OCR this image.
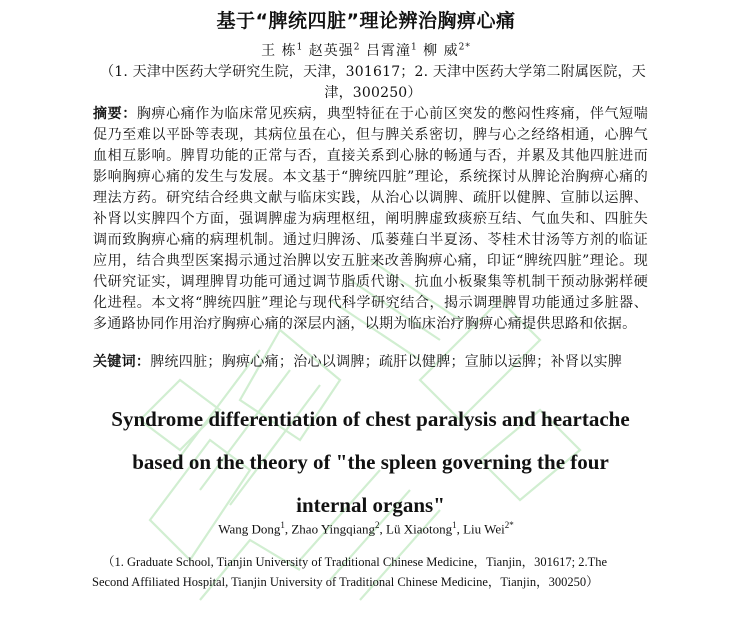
基于“脾统四脏”理论辨治胸痹心痛
王 栋$^1$ 赵英强$^2$ 吕霄潼$^1$ 柳 威$^{2*}$
（1. 天津中医药大学研究生院，天津，301617；2. 天津中医药大学第二附属医院，天津，300250）
摘要：胸痹心痛作为临床常见疾病，典型特征在于心前区突发的憋闷性疼痛，伴气短喘促乃至难以平卧等表现，其病位虽在心，但与脾关系密切，脾与心之经络相通，心脾气血相互影响。脾胃功能的正常与否，直接关系到心脉的畅通与否，并累及其他四脏进而影响胸痹心痛的发生与发展。本文基于“脾统四脏”理论，系统探讨从脾论治胸痹心痛的理法方药。研究结合经典文献与临床实践，从治心以调脾、疏肝以健脾、宣肺以运脾、补肾以实脾四个方面，强调脾虚为病理枢纽，阐明脾虚致痰瘀互结、气血失和、四脏失调而致胸痹心痛的病理机制。通过归脾汤、瓜蒌薤白半夏汤、苓桂术甘汤等方剂的临证应用，结合典型医案揭示通过治脾以安五脏来改善胸痹心痛，印证“脾统四脏”理论。现代研究证实，调理脾胃功能可通过调节脂质代谢、抗血小板聚集等机制干预动脉粥样硬化进程。本文将“脾统四脏”理论与现代科学研究结合，揭示调理脾胃功能通过多脏器、多通路协同作用治疗胸痹心痛的深层内涵，以期为临床治疗胸痹心痛提供思路和依据。
关键词：脾统四脏；胸痹心痛；治心以调脾；疏肝以健脾；宣肺以运脾；补肾以实脾
Syndrome differentiation of chest paralysis and heartache based on the theory of "the spleen governing the four internal organs"
Wang Dong$^1$, Zhao Yingqiang$^2$, Lü Xiaotong$^1$, Liu Wei$^{2*}$
（1. Graduate School, Tianjin University of Traditional Chinese Medicine，Tianjin，301617; 2.The
Second Affiliated Hospital, Tianjin University of Traditional Chinese Medicine，Tianjin，300250）
